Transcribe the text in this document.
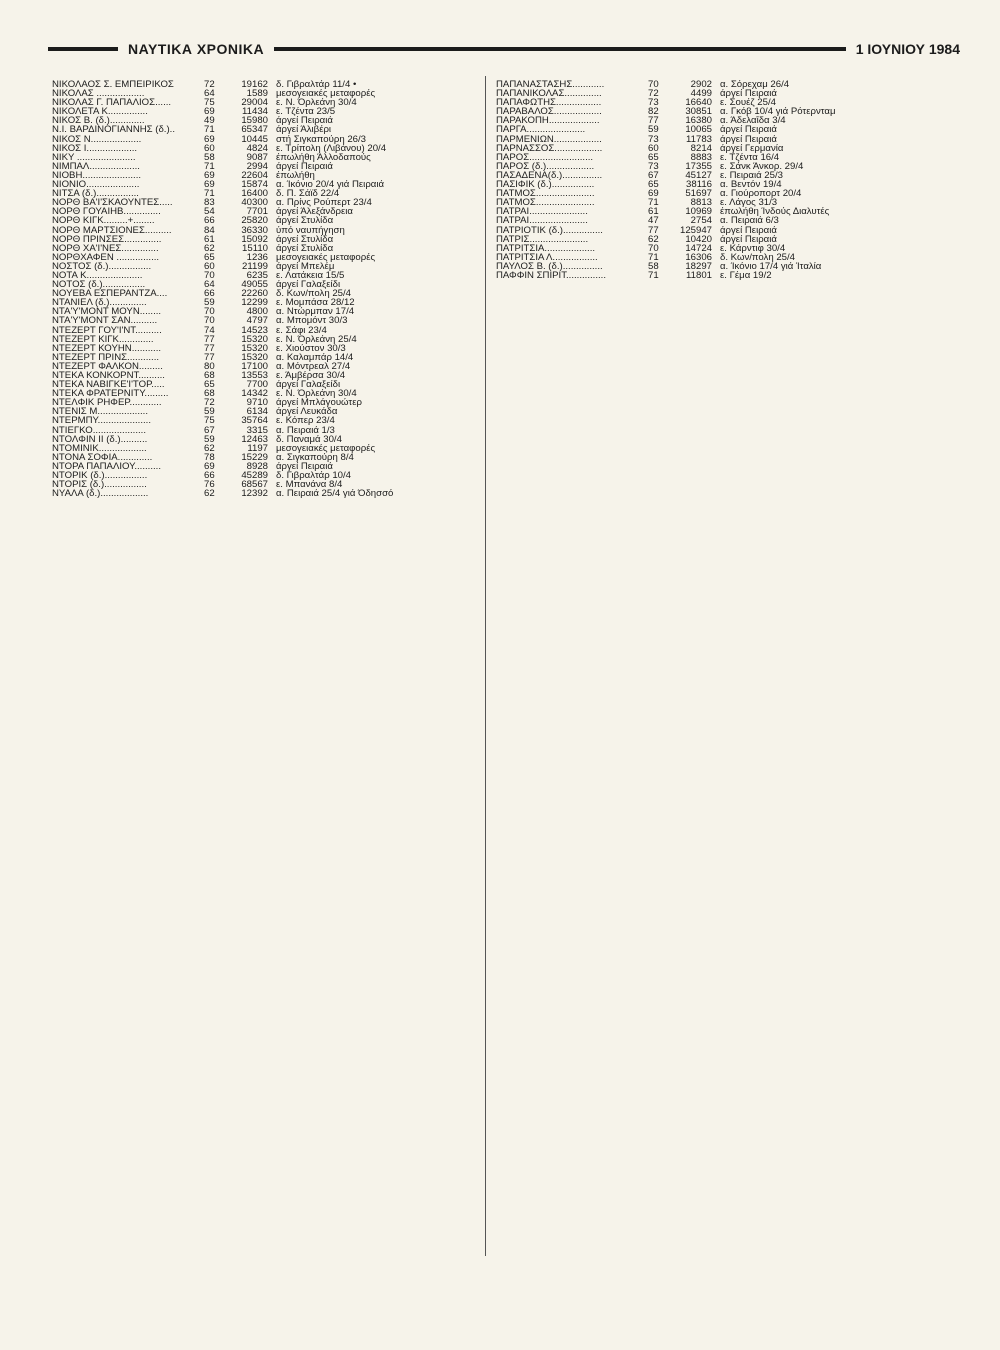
ΝΑΥΤΙΚΑ ΧΡΟΝΙΚΑ	1 ΙΟΥΝΙΟΥ 1984
ΝΙΚΟΛΑΟΣ Σ. ΕΜΠΕΙΡΙΚΟΣ	72	19162 δ. Γιβραλτάρ 11/4 •
ΝΙΚΟΛΑΣ ..................	64	1589 μεσογειακές μεταφορές
ΝΙΚΟΛΑΣ Γ. ΠΑΠΑΛΙΟΣ......	75	29004 ε. Ν. Όρλεάνη 30/4
ΝΙΚΟΛΕΤΑ Κ...............	69	11434 ε. Τζέντα 23/5
ΝΙΚΟΣ Β. (δ.).............	49	15980 άργεί Πειραιά
Ν.Ι. ΒΑΡΔΙΝΟΓΙΑΝΝΗΣ (δ.)..	71	65347 άργεί Άλιβέρι
ΝΙΚΟΣ Ν...................	69	10445 στή Σιγκαπούρη 26/3
ΝΙΚΟΣ Ι...................	60	4824 ε. Τρίπολη (Λιβάνου) 20/4
ΝΙΚΥ ......................	58	9087 έπωλήθη Άλλοδαπούς
ΝΙΜΠΑΛ...................	71	2994 άργεί Πειραιά
ΝΙΟΒΗ......................	69	22604 έπωλήθη
ΝΙΟΝΙΟ....................	69	15874 α. Ίκόνιο 20/4 γιά Πειραιά
ΝΙΤΣΑ (δ.)................	71	16400 δ. Π. Σάϊδ 22/4
ΝΟΡΘ ΒΑ'Ι'ΣΚΑΟΥΝΤΕΣ.....	83	40300 α. Πρίνς Ρούπερτ 23/4
ΝΟΡΘ ΓΟΥΑΙΗΒ..............	54	7701 άργεί Άλεξάνδρεια
ΝΟΡΘ ΚΙΓΚ.........+........	66	25820 άργεί Στυλίδα
ΝΟΡΘ ΜΑΡΤΣΙΟΝΕΣ..........	84	36330 ύπό ναυπήγηση
ΝΟΡΘ ΠΡΙΝΣΕΣ..............	61	15092 άργεί Στυλίδα
ΝΟΡΘ ΧΑ'Ι'ΝΕΣ..............	62	15110 άργεί Στυλίδα
ΝΟΡΘΧΑΦΕΝ ................	65	1236 μεσογειακές μεταφορές
ΝΟΣΤΟΣ (δ.)................	60	21199 άργεί Μπελέμ
ΝΟΤΑ Κ.....................	70	6235 ε. Λατάκεια 15/5
ΝΟΤΟΣ (δ.)................	64	49055 άργεί Γαλαξείδι
ΝΟΥΕΒΑ ΕΣΠΕΡΑΝΤΖΑ....	66	22260 δ. Κων/πολη 25/4
ΝΤΑΝΙΕΛ (δ.)..............	59	12299 ε. Μομπάσα 28/12
ΝΤΑ'Υ'ΜΟΝΤ ΜΟΥΝ........	70	4800 α. Ντώρμπαν 17/4
ΝΤΑ'Υ'ΜΟΝΤ ΣΑΝ..........	70	4797 α. Μπομόντ 30/3
ΝΤΕΖΕΡΤ ΓΟΥ'Ι'ΝΤ..........	74	14523 ε. Σάφι 23/4
ΝΤΕΖΕΡΤ ΚΙΓΚ.............	77	15320 ε. Ν. Όρλεάνη 25/4
ΝΤΕΖΕΡΤ ΚΟΥΗΝ...........	77	15320 ε. Χιούστον 30/3
ΝΤΕΖΕΡΤ ΠΡΙΝΣ............	77	15320 α. Καλαμπάρ 14/4
ΝΤΕΖΕΡΤ ΦΑΛΚΟΝ.........	80	17100 α. Μόντρεαλ 27/4
ΝΤΕΚΑ ΚΟΝΚΟΡΝΤ..........	68	13553 ε. Άμβέρσα 30/4
ΝΤΕΚΑ ΝΑΒΙΓΚΕ'Ι'ΤΟΡ.....	65	7700 άργεί Γαλαξείδι
ΝΤΕΚΑ ΦΡΑΤΕΡΝΙΤΥ.........	68	14342 ε. Ν. Όρλεάνη 30/4
ΝΤΕΛΦΙΚ ΡΗΦΕΡ............	72	9710 άργεί Μπλάγουώτερ
ΝΤΕΝΙΣ Μ...................	59	6134 άργεί Λευκάδα
ΝΤΕΡΜΠΥ....................	75	35764 ε. Κόπερ 23/4
ΝΤΙΕΓΚΟ....................	67	3315 α. Πειραιά 1/3
ΝΤΟΛΦΙΝ ΙΙ (δ.)..........	59	12463 δ. Παναμά 30/4
ΝΤΟΜΙΝΙΚ..................	62	1197 μεσογειακές μεταφορές
ΝΤΟΝΑ ΣΟΦΙΑ.............	78	15229 α. Σιγκαπούρη 8/4
ΝΤΟΡΑ ΠΑΠΑΛΙΟΥ..........	69	8928 άργεί Πειραιά
ΝΤΟΡΙΚ (δ.)................	66	45289 δ. Γιβραλτάρ 10/4
ΝΤΟΡΙΣ (δ.)................	76	68567 ε. Μπανάνα 8/4
ΝΥΑΛΑ (δ.)..................	62	12392 α. Πειραιά 25/4 γιά Όδησσό
ΠΑΠΑΝΑΣΤΑΣΗΣ............	70	2902 α. Σόρεχαμ 26/4
ΠΑΠΑΝΙΚΟΛΑΣ..............	72	4499 άργεί Πειραιά
ΠΑΠΑΦΩΤΗΣ.................	73	16640 ε. Σουέζ 25/4
ΠΑΡΑΒΑΛΟΣ..................	82	30851 α. Γκόβ 10/4 γιά Ρότερνταμ
ΠΑΡΑΚΟΠΗ...................	77	16380 α. Άδελαΐδα 3/4
ΠΑΡΓΑ......................	59	10065 άργεί Πειραιά
ΠΑΡΜΕΝΙΩΝ..................	73	11783 άργεί Πειραιά
ΠΑΡΝΑΣΣΟΣ..................	60	8214 άργεί Γερμανία
ΠΑΡΟΣ........................	65	8883 ε. Τζέντα 16/4
ΠΑΡΟΣ (δ.)..................	73	17355 ε. Σάνκ Άνκορ. 29/4
ΠΑΣΑΔΕΝΑ(δ.)...............	67	45127 ε. Πειραιά 25/3
ΠΑΣΙΦΙΚ (δ.)................	65	38116 α. Βεντόν 19/4
ΠΑΤΜΟΣ......................	69	51697 α. Γιούροπορτ 20/4
ΠΑΤΜΟΣ......................	71	8813 ε. Λάγος 31/3
ΠΑΤΡΑΙ......................	61	10969 έπωλήθη Ίνδούς Διαλυτές
ΠΑΤΡΑΙ......................	47	2754 α. Πειραιά 6/3
ΠΑΤΡΙΟΤΙΚ (δ.)...............	77	125947 άργεί Πειραιά
ΠΑΤΡΙΣ......................	62	10420 άργεί Πειραιά
ΠΑΤΡΙΤΣΙΑ...................	70	14724 ε. Κάρντιφ 30/4
ΠΑΤΡΙΤΣΙΑ Λ.................	71	16306 δ. Κων/πολη 25/4
ΠΑΥΛΟΣ Β. (δ.)...............	58	18297 α. Ίκόνιο 17/4 γιά Ίταλία
ΠΑΦΦΙΝ ΣΠΙΡΙΤ...............	71	11801 ε. Γέμα 19/2
